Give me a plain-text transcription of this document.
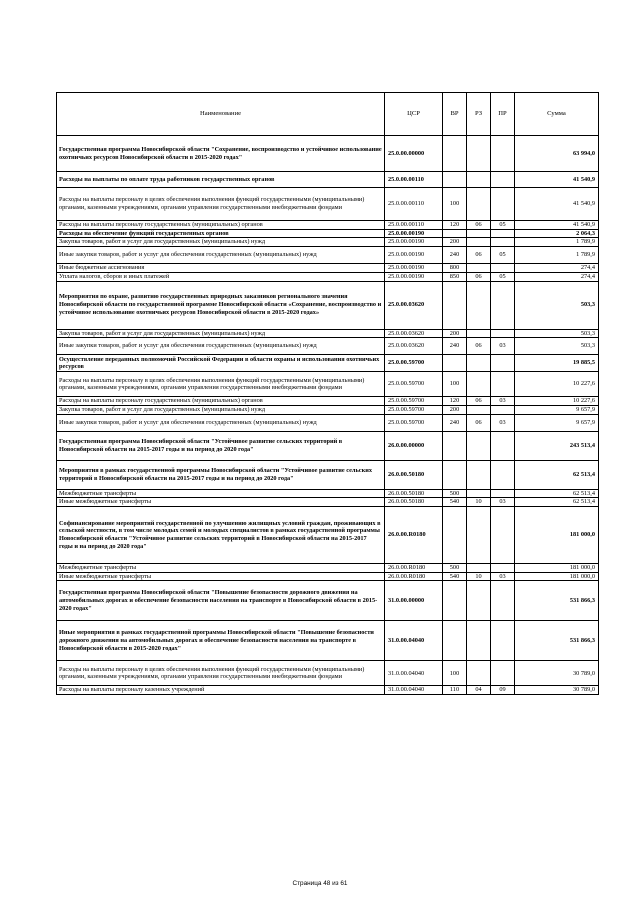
Наименование	ЦСР	ВР	РЗ	ПР	Сумма
Государственная программа Новосибирской области "Сохранение, воспроизводство и устойчивое использование охотничьих ресурсов Новосибирской области в 2015-2020 годах"	25.0.00.00000				63 994,0
Расходы на выплаты по оплате труда работников государственных органов	25.0.00.00110				41 540,9
Расходы на выплаты персоналу в целях обеспечения выполнения функций государственными (муниципальными) органами, казенными учреждениями, органами управления государственными внебюджетными фондами	25.0.00.00110	100			41 540,9
Расходы на выплаты персоналу государственных (муниципальных) органов	25.0.00.00110	120	06	05	41 540,9
Расходы на обеспечение функций государственных органов	25.0.00.00190				2 064,3
Закупка товаров, работ и услуг для государственных (муниципальных) нужд	25.0.00.00190	200			1 789,9
Иные закупки товаров, работ и услуг для обеспечения государственных (муниципальных) нужд	25.0.00.00190	240	06	05	1 789,9
Иные бюджетные ассигнования	25.0.00.00190	800			274,4
Уплата налогов, сборов и иных платежей	25.0.00.00190	850	06	05	274,4
Мероприятия по охране, развитию государственных природных заказников регионального значения Новосибирской области по государственной программе Новосибирской области «Сохранение, воспроизводство и устойчивое использование охотничьих ресурсов Новосибирской области в 2015-2020 годах»	25.0.00.03620				503,3
Закупка товаров, работ и услуг для государственных (муниципальных) нужд	25.0.00.03620	200			503,3
Иные закупки товаров, работ и услуг для обеспечения государственных (муниципальных) нужд	25.0.00.03620	240	06	03	503,3
Осуществление переданных полномочий Российской Федерации в области охраны и использования охотничьих ресурсов	25.0.00.59700				19 885,5
Расходы на выплаты персоналу в целях обеспечения выполнения функций государственными (муниципальными) органами, казенными учреждениями, органами управления государственными внебюджетными фондами	25.0.00.59700	100			10 227,6
Расходы на выплаты персоналу государственных (муниципальных) органов	25.0.00.59700	120	06	03	10 227,6
Закупка товаров, работ и услуг для государственных (муниципальных) нужд	25.0.00.59700	200			9 657,9
Иные закупки товаров, работ и услуг для обеспечения государственных (муниципальных) нужд	25.0.00.59700	240	06	03	9 657,9
Государственная программа Новосибирской области "Устойчивое развитие сельских территорий в Новосибирской области на 2015-2017 годы и на период до 2020 года"	26.0.00.00000				243 513,4
Мероприятия в рамках государственной программы Новосибирской области "Устойчивое развитие сельских территорий в Новосибирской области на 2015-2017 годы и на период до 2020 года"	26.0.00.50180				62 513,4
Межбюджетные трансферты	26.0.00.50180	500			62 513,4
Иные межбюджетные трансферты	26.0.00.50180	540	10	03	62 513,4
Софинансирование мероприятий государственной по улучшению жилищных условий граждан, проживающих в сельской местности, в том числе молодых семей и молодых специалистов в рамках государственной программы Новосибирской области "Устойчивое развитие сельских территорий в Новосибирской области на 2015-2017 годы и на период до 2020 года"	26.0.00.R0180				181 000,0
Межбюджетные трансферты	26.0.00.R0180	500			181 000,0
Иные межбюджетные трансферты	26.0.00.R0180	540	10	03	181 000,0
Государственная программа Новосибирской области "Повышение безопасности дорожного движения на автомобильных дорогах и обеспечение безопасности населения на транспорте в Новосибирской области в 2015-2020 годах"	31.0.00.00000				531 866,3
Иные мероприятия в рамках государственной программы Новосибирской области "Повышение безопасности дорожного движения на автомобильных дорогах и обеспечение безопасности населения на транспорте в Новосибирской области в 2015-2020 годах"	31.0.00.04040				531 866,3
Расходы на выплаты персоналу в целях обеспечения выполнения функций государственными (муниципальными) органами, казенными учреждениями, органами управления государственными внебюджетными фондами	31.0.00.04040	100			30 789,0
Расходы на выплаты персоналу казенных учреждений	31.0.00.04040	110	04	09	30 789,0
Страница 48 из 61
